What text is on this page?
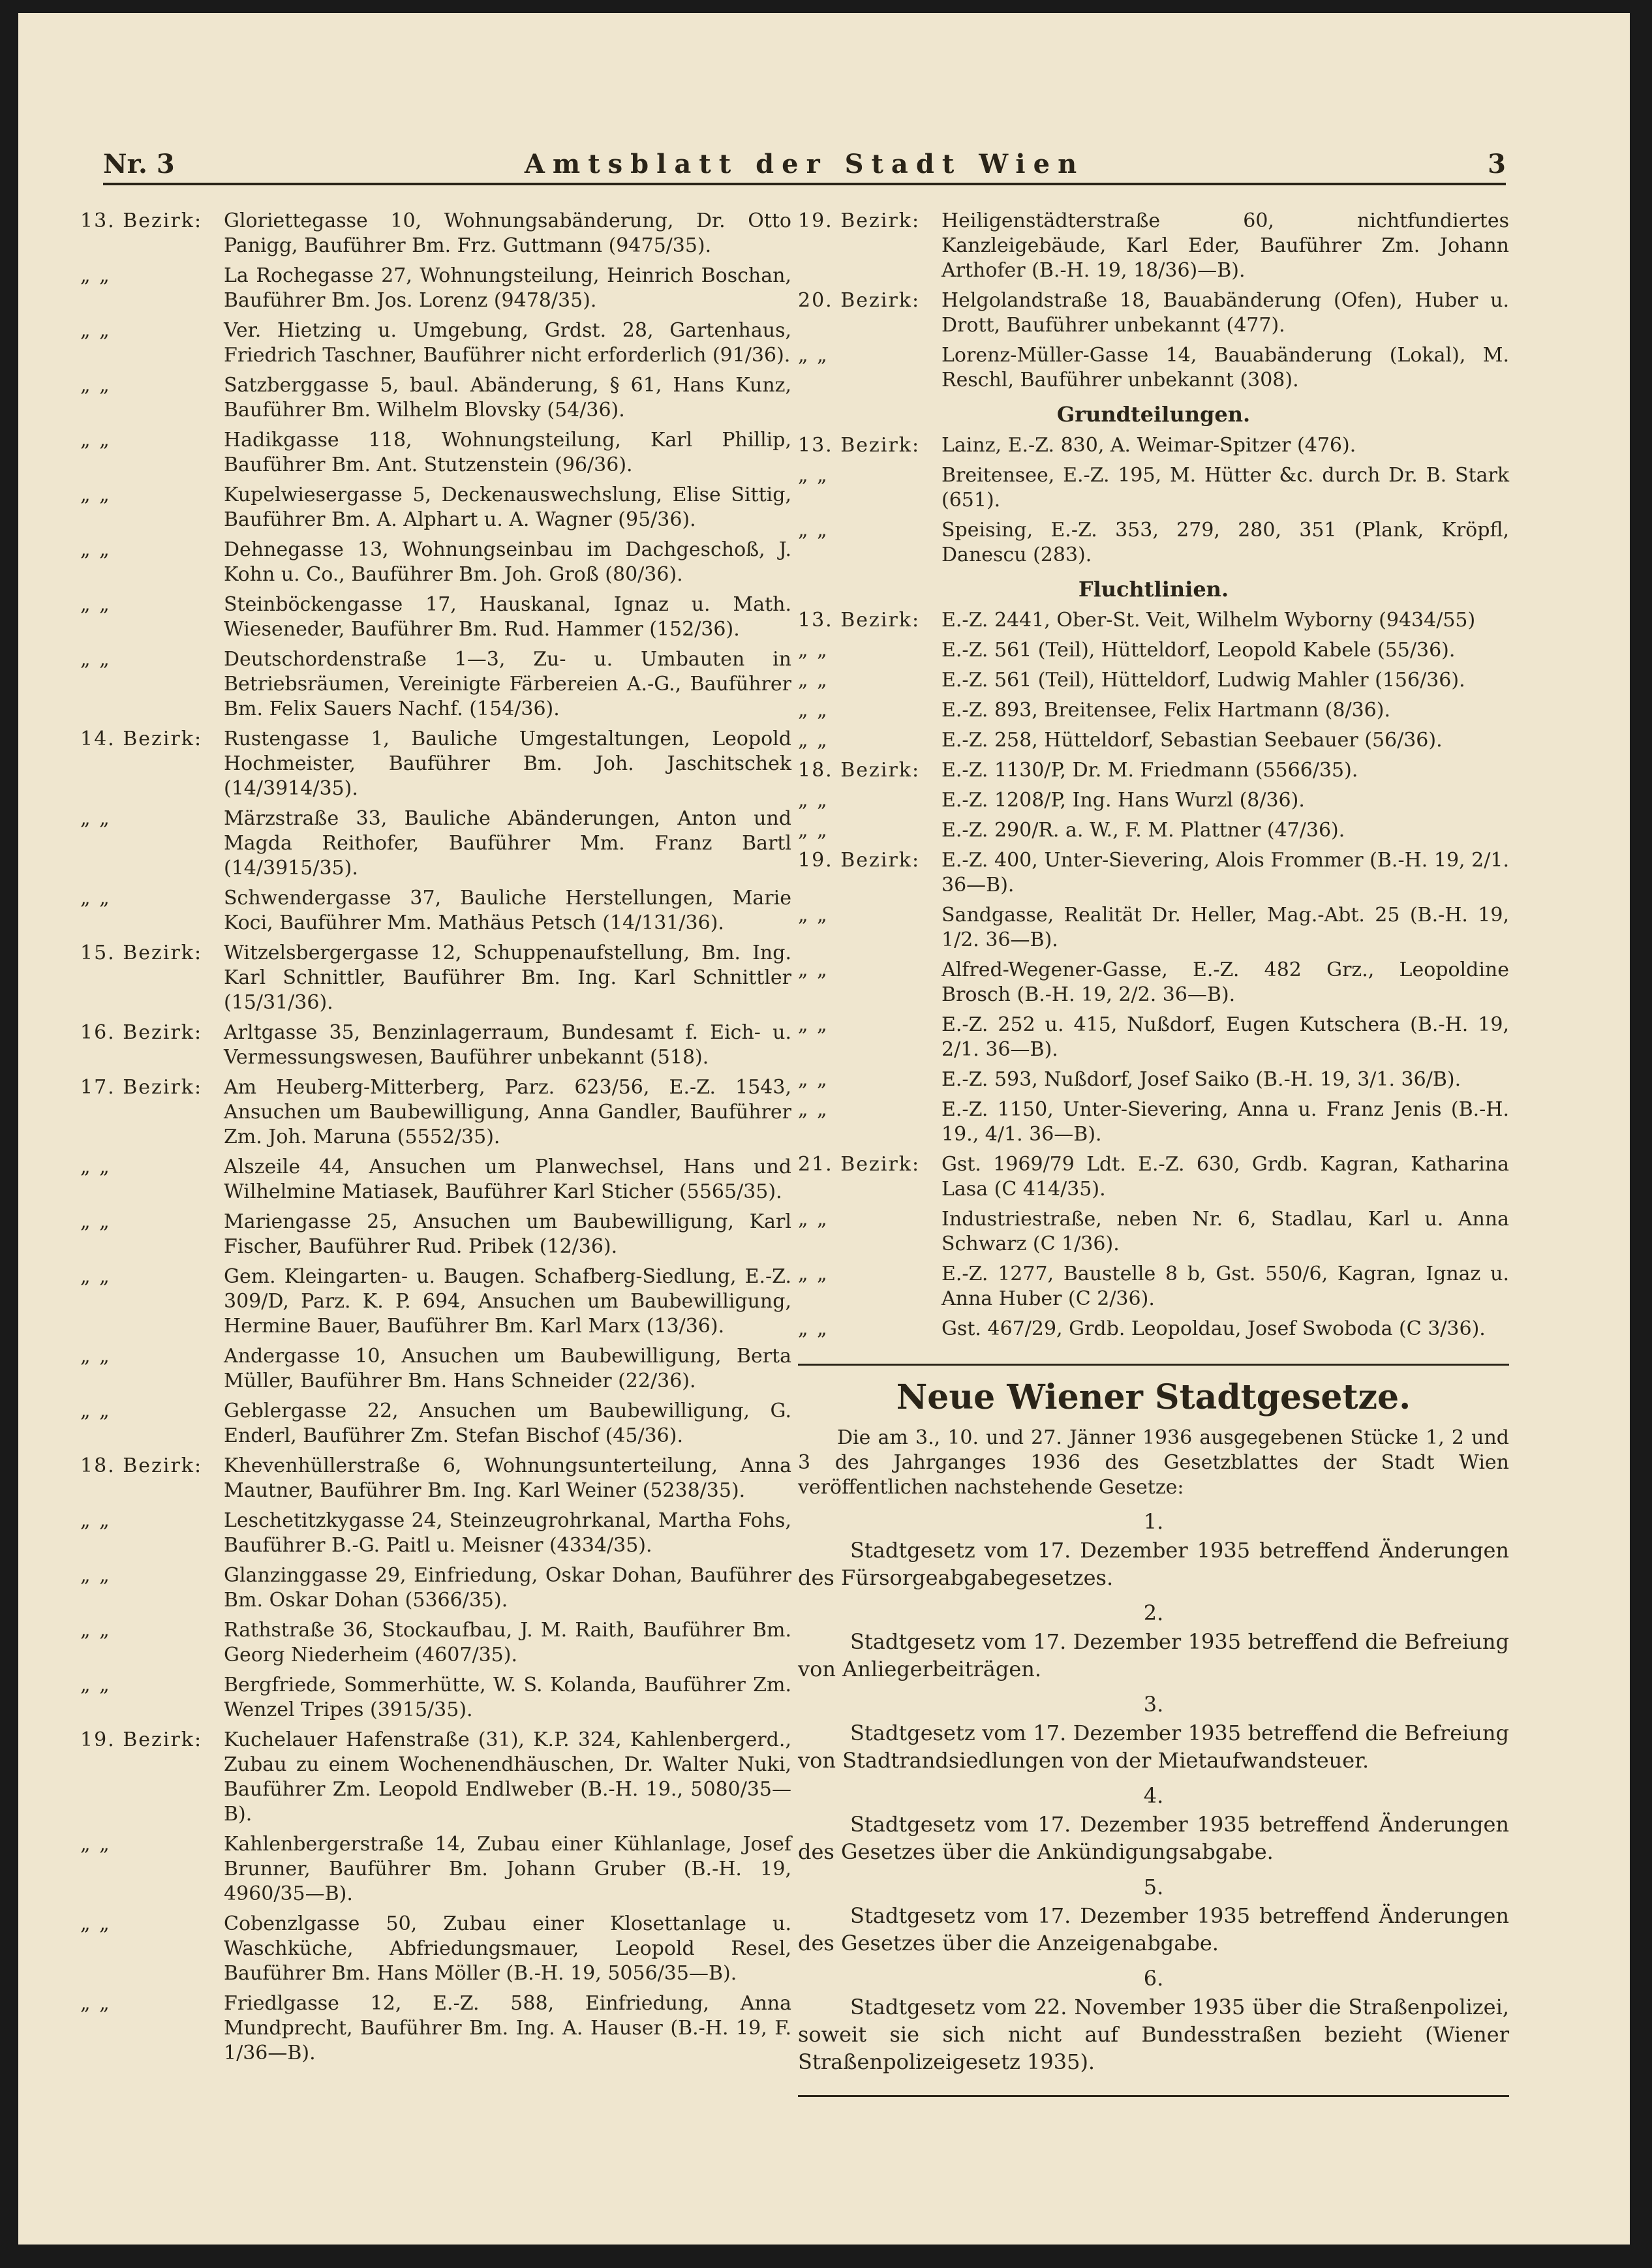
Nr. 3	Amtsblatt der Stadt Wien	3
13. Bezirk:	Gloriettegasse 10, Wohnungsabänderung, Dr. Otto Panigg, Bauführer Bm. Frz. Guttmann (9475/35).
„ „	La Rochegasse 27, Wohnungsteilung, Heinrich Boschan, Bauführer Bm. Jos. Lorenz (9478/35).
„ „	Ver. Hietzing u. Umgebung, Grdst. 28, Gartenhaus, Friedrich Taschner, Bauführer nicht erforderlich (91/36).
„ „	Satzberggasse 5, baul. Abänderung, § 61, Hans Kunz, Bauführer Bm. Wilhelm Blovsky (54/36).
„ „	Hadikgasse 118, Wohnungsteilung, Karl Phillip, Bauführer Bm. Ant. Stutzenstein (96/36).
„ „	Kupelwiesergasse 5, Deckenauswechslung, Elise Sittig, Bauführer Bm. A. Alphart u. A. Wagner (95/36).
„ „	Dehnegasse 13, Wohnungseinbau im Dachgeschoß, J. Kohn u. Co., Bauführer Bm. Joh. Groß (80/36).
„ „	Steinböckengasse 17, Hauskanal, Ignaz u. Math. Wieseneder, Bauführer Bm. Rud. Hammer (152/36).
„ „	Deutschordenstraße 1—3, Zu- u. Umbauten in Betriebsräumen, Vereinigte Färbereien A.-G., Bauführer Bm. Felix Sauers Nachf. (154/36).
14. Bezirk:	Rustengasse 1, Bauliche Umgestaltungen, Leopold Hochmeister, Bauführer Bm. Joh. Jaschitschek (14/3914/35).
„ „	Märzstraße 33, Bauliche Abänderungen, Anton und Magda Reithofer, Bauführer Mm. Franz Bartl (14/3915/35).
„ „	Schwendergasse 37, Bauliche Herstellungen, Marie Koci, Bauführer Mm. Mathäus Petsch (14/131/36).
15. Bezirk:	Witzelsbergergasse 12, Schuppenaufstellung, Bm. Ing. Karl Schnittler, Bauführer Bm. Ing. Karl Schnittler (15/31/36).
16. Bezirk:	Arltgasse 35, Benzinlagerraum, Bundesamt f. Eich- u. Vermessungswesen, Bauführer unbekannt (518).
17. Bezirk:	Am Heuberg-Mitterberg, Parz. 623/56, E.-Z. 1543, Ansuchen um Baubewilligung, Anna Gandler, Bauführer Zm. Joh. Maruna (5552/35).
„ „	Alszeile 44, Ansuchen um Planwechsel, Hans und Wilhelmine Matiasek, Bauführer Karl Sticher (5565/35).
„ „	Mariengasse 25, Ansuchen um Baubewilligung, Karl Fischer, Bauführer Rud. Pribek (12/36).
„ „	Gem. Kleingarten- u. Baugen. Schafberg-Siedlung, E.-Z. 309/D, Parz. K. P. 694, Ansuchen um Baubewilligung, Hermine Bauer, Bauführer Bm. Karl Marx (13/36).
„ „	Andergasse 10, Ansuchen um Baubewilligung, Berta Müller, Bauführer Bm. Hans Schneider (22/36).
„ „	Geblergasse 22, Ansuchen um Baubewilligung, G. Enderl, Bauführer Zm. Stefan Bischof (45/36).
18. Bezirk:	Khevenhüllerstraße 6, Wohnungsunterteilung, Anna Mautner, Bauführer Bm. Ing. Karl Weiner (5238/35).
„ „	Leschetitzkygasse 24, Steinzeugrohrkanal, Martha Fohs, Bauführer B.-G. Paitl u. Meisner (4334/35).
„ „	Glanzinggasse 29, Einfriedung, Oskar Dohan, Bauführer Bm. Oskar Dohan (5366/35).
„ „	Rathstraße 36, Stockaufbau, J. M. Raith, Bauführer Bm. Georg Niederheim (4607/35).
„ „	Bergfriede, Sommerhütte, W. S. Kolanda, Bauführer Zm. Wenzel Tripes (3915/35).
19. Bezirk:	Kuchelauer Hafenstraße (31), K.P. 324, Kahlenbergerd., Zubau zu einem Wochenendhäuschen, Dr. Walter Nuki, Bauführer Zm. Leopold Endlweber (B.-H. 19., 5080/35—B).
„ „	Kahlenbergerstraße 14, Zubau einer Kühlanlage, Josef Brunner, Bauführer Bm. Johann Gruber (B.-H. 19, 4960/35—B).
„ „	Cobenzlgasse 50, Zubau einer Klosettanlage u. Waschküche, Abfriedungsmauer, Leopold Resel, Bauführer Bm. Hans Möller (B.-H. 19, 5056/35—B).
„ „	Friedlgasse 12, E.-Z. 588, Einfriedung, Anna Mundprecht, Bauführer Bm. Ing. A. Hauser (B.-H. 19, F. 1/36—B).
19. Bezirk:	Heiligenstädterstraße 60, nichtfundiertes Kanzleigebäude, Karl Eder, Bauführer Zm. Johann Arthofer (B.-H. 19, 18/36)—B).
20. Bezirk:	Helgolandstraße 18, Bauabänderung (Ofen), Huber u. Drott, Bauführer unbekannt (477).
„ „	Lorenz-Müller-Gasse 14, Bauabänderung (Lokal), M. Reschl, Bauführer unbekannt (308).
Grundteilungen.
13. Bezirk:	Lainz, E.-Z. 830, A. Weimar-Spitzer (476).
„ „	Breitensee, E.-Z. 195, M. Hütter &c. durch Dr. B. Stark (651).
„ „	Speising, E.-Z. 353, 279, 280, 351 (Plank, Kröpfl, Danescu (283).
Fluchtlinien.
13. Bezirk:	E.-Z. 2441, Ober-St. Veit, Wilhelm Wyborny (9434/55)
„ „	E.-Z. 561 (Teil), Hütteldorf, Leopold Kabele (55/36).
„ „	E.-Z. 561 (Teil), Hütteldorf, Ludwig Mahler (156/36).
„ „	E.-Z. 893, Breitensee, Felix Hartmann (8/36).
„ „	E.-Z. 258, Hütteldorf, Sebastian Seebauer (56/36).
18. Bezirk:	E.-Z. 1130/P, Dr. M. Friedmann (5566/35).
„ „	E.-Z. 1208/P, Ing. Hans Wurzl (8/36).
„ „	E.-Z. 290/R. a. W., F. M. Plattner (47/36).
19. Bezirk:	E.-Z. 400, Unter-Sievering, Alois Frommer (B.-H. 19, 2/1. 36—B).
„ „	Sandgasse, Realität Dr. Heller, Mag.-Abt. 25 (B.-H. 19, 1/2. 36—B).
„ „	Alfred-Wegener-Gasse, E.-Z. 482 Grz., Leopoldine Brosch (B.-H. 19, 2/2. 36—B).
„ „	E.-Z. 252 u. 415, Nußdorf, Eugen Kutschera (B.-H. 19, 2/1. 36—B).
„ „	E.-Z. 593, Nußdorf, Josef Saiko (B.-H. 19, 3/1. 36/B).
„ „	E.-Z. 1150, Unter-Sievering, Anna u. Franz Jenis (B.-H. 19., 4/1. 36—B).
21. Bezirk:	Gst. 1969/79 Ldt. E.-Z. 630, Grdb. Kagran, Katharina Lasa (C 414/35).
„ „	Industriestraße, neben Nr. 6, Stadlau, Karl u. Anna Schwarz (C 1/36).
„ „	E.-Z. 1277, Baustelle 8 b, Gst. 550/6, Kagran, Ignaz u. Anna Huber (C 2/36).
„ „	Gst. 467/29, Grdb. Leopoldau, Josef Swoboda (C 3/36).
Neue Wiener Stadtgesetze.

Die am 3., 10. und 27. Jänner 1936 ausgegebenen Stücke 1, 2 und 3 des Jahrganges 1936 des Gesetzblattes der Stadt Wien veröffentlichen nachstehende Gesetze:

1.

Stadtgesetz vom 17. Dezember 1935 betreffend Änderungen des Fürsorgeabgabegesetzes.

2.

Stadtgesetz vom 17. Dezember 1935 betreffend die Befreiung von Anliegerbeiträgen.

3.

Stadtgesetz vom 17. Dezember 1935 betreffend die Befreiung von Stadtrandsiedlungen von der Mietaufwandsteuer.

4.

Stadtgesetz vom 17. Dezember 1935 betreffend Änderungen des Gesetzes über die Ankündigungsabgabe.

5.

Stadtgesetz vom 17. Dezember 1935 betreffend Änderungen des Gesetzes über die Anzeigenabgabe.

6.

Stadtgesetz vom 22. November 1935 über die Straßenpolizei, soweit sie sich nicht auf Bundesstraßen bezieht (Wiener Straßenpolizeigesetz 1935).
